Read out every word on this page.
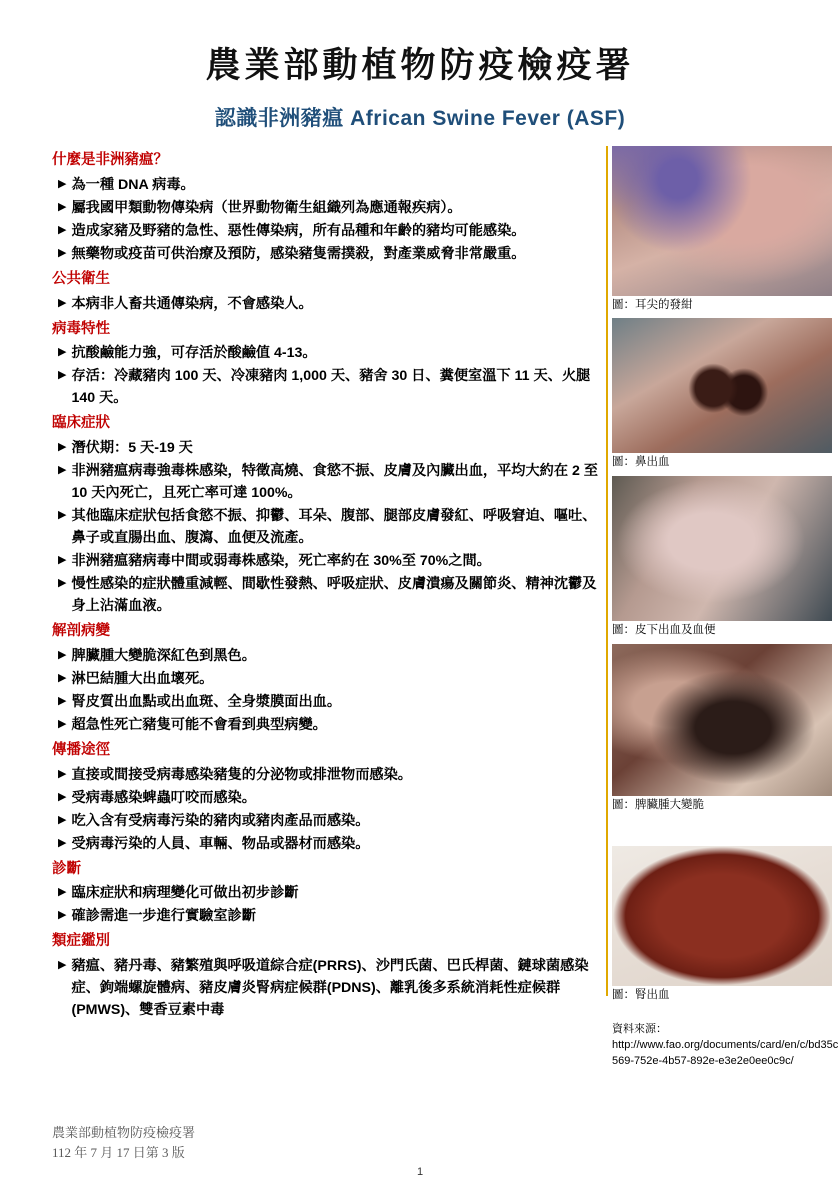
農業部動植物防疫檢疫署
認識非洲豬瘟 African Swine Fever (ASF)
什麼是非洲豬瘟？
▶ 為一種 DNA 病毒。
▶ 屬我國甲類動物傳染病（世界動物衛生組織列為應通報疾病）。
▶ 造成家豬及野豬的急性、惡性傳染病，所有品種和年齡的豬均可能感染。
▶ 無藥物或疫苗可供治療及預防，感染豬隻需撲殺，對產業威脅非常嚴重。
公共衛生
▶ 本病非人畜共通傳染病，不會感染人。
病毒特性
▶ 抗酸鹼能力強，可存活於酸鹼值 4-13。
▶ 存活：冷藏豬肉 100 天、冷凍豬肉 1,000 天、豬舍 30 日、糞便室溫下 11 天、火腿 140 天。
臨床症狀
▶ 潛伏期：5 天-19 天
▶ 非洲豬瘟病毒強毒株感染，特徵高燒、食慾不振、皮膚及內臟出血，平均大約在 2 至 10 天內死亡，且死亡率可達 100%。
▶ 其他臨床症狀包括食慾不振、抑鬱、耳朵、腹部、腿部皮膚發紅、呼吸窘迫、嘔吐、鼻子或直腸出血、腹瀉、血便及流產。
▶ 非洲豬瘟豬病毒中間或弱毒株感染，死亡率約在 30%至 70%之間。
▶ 慢性感染的症狀體重減輕、間歇性發熱、呼吸症狀、皮膚潰瘍及關節炎、精神沈鬱及身上沾滿血液。
解剖病變
▶ 脾臟腫大變脆深紅色到黑色。
▶ 淋巴結腫大出血壞死。
▶ 腎皮質出血點或出血斑、全身漿膜面出血。
▶ 超急性死亡豬隻可能不會看到典型病變。
傳播途徑
▶ 直接或間接受病毒感染豬隻的分泌物或排泄物而感染。
▶ 受病毒感染蜱蟲叮咬而感染。
▶ 吃入含有受病毒污染的豬肉或豬肉產品而感染。
▶ 受病毒污染的人員、車輛、物品或器材而感染。
診斷
▶ 臨床症狀和病理變化可做出初步診斷
▶ 確診需進一步進行實驗室診斷
類症鑑別
▶ 豬瘟、豬丹毒、豬繁殖與呼吸道綜合症(PRRS)、沙門氏菌、巴氏桿菌、鏈球菌感染症、鉤端螺旋體病、豬皮膚炎腎病症候群(PDNS)、離乳後多系統消耗性症候群(PMWS)、雙香豆素中毒
圖：耳尖的發紺
圖：鼻出血
圖：皮下出血及血便
圖：脾臟腫大變脆
圖：腎出血
資料來源：
http://www.fao.org/documents/card/en/c/bd35c569-752e-4b57-892e-e3e2e0ee0c9c/
農業部動植物防疫檢疫署
112 年 7 月 17 日第 3 版
1
